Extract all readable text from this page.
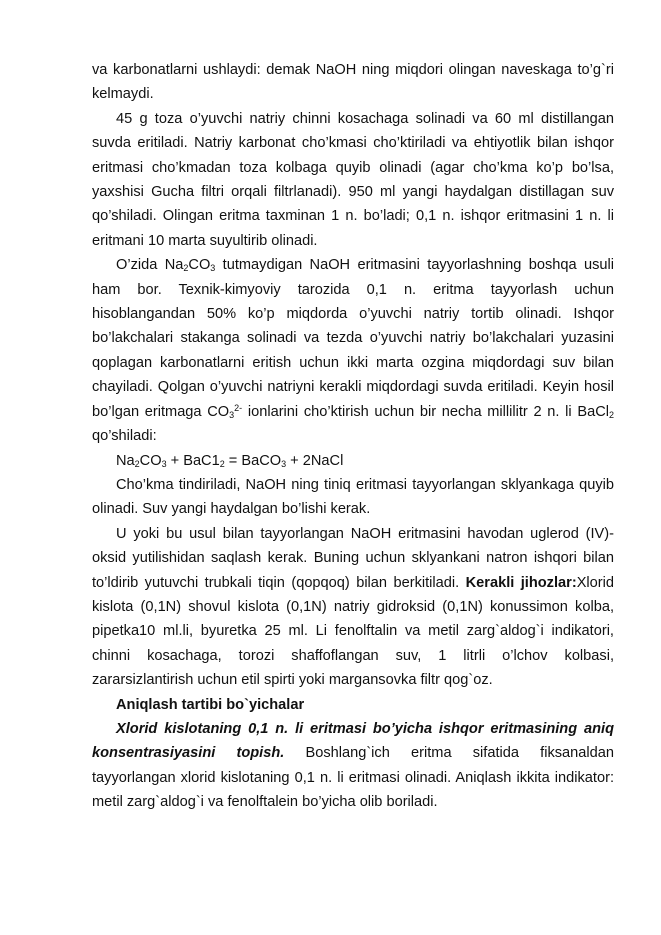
va karbonatlarni ushlaydi: demak NaOH ning miqdori olingan naveskaga to’g`ri kelmaydi.

45 g toza o’yuvchi natriy chinni kosachaga solinadi va 60 ml distillangan suvda eritiladi. Natriy karbonat cho’kmasi cho’ktiriladi va ehtiyotlik bilan ishqor eritmasi cho’kmadan toza kolbaga quyib olinadi (agar cho’kma ko’p bo’lsa, yaxshisi Gucha filtri orqali filtrlanadi). 950 ml yangi haydalgan distillagan suv qo’shiladi. Olingan eritma taxminan 1 n. bo’ladi; 0,1 n. ishqor eritmasini 1 n. li eritmani 10 marta suyultirib olinadi.

O’zida $Na_2CO_3$ tutmaydigan NaOH eritmasini tayyorlashning boshqa usuli ham bor. Texnik-kimyoviy tarozida 0,1 n. eritma tayyorlash uchun hisoblangandan 50% ko’p miqdorda o’yuvchi natriy tortib olinadi. Ishqor bo’lakchalari stakanga solinadi va tezda o’yuvchi natriy bo’lakchalari yuzasini qoplagan karbonatlarni eritish uchun ikki marta ozgina miqdordagi suv bilan chayiladi. Qolgan o’yuvchi natriyni kerakli miqdordagi suvda eritiladi. Keyin hosil bo’lgan eritmaga $CO_3^{2-}$ ionlarini cho’ktirish uchun bir necha millilitr 2 n. li BaCl$_2$ qo’shiladi:

$Na_2CO_3 + BaC1_2$ = BaCO$_3$ + 2NaCl

Cho’kma tindiriladi, NaOH ning tiniq eritmasi tayyorlangan sklyankaga quyib olinadi. Suv yangi haydalgan bo’lishi kerak.

U yoki bu usul bilan tayyorlangan NaOH eritmasini havodan uglerod (IV)-oksid yutilishidan saqlash kerak. Buning uchun sklyankani natron ishqori bilan to’ldirib yutuvchi trubkali tiqin (qopqoq) bilan berkitiladi. Kerakli jihozlar:Xlorid kislota (0,1N) shovul kislota (0,1N) natriy gidroksid (0,1N) konussimon kolba, pipetka10 ml.li, byuretka 25 ml. Li fenolftalin va metil zarg`aldog`i indikatori, chinni kosachaga, torozi shaffoflangan suv, 1 litrli o’lchov kolbasi, zararsizlantirish uchun etil spirti yoki margansovka filtr qog`oz.

Aniqlash tartibi bo`yichalar

Xlorid kislotaning 0,1 n. li eritmasi bo’yicha ishqor eritmasining aniq konsentrasiyasini topish. Boshlang`ich eritma sifatida fiksanaldan tayyorlangan xlorid kislotaning 0,1 n. li eritmasi olinadi. Aniqlash ikkita indikator: metil zarg`aldog`i va fenolftalein bo’yicha olib boriladi.
